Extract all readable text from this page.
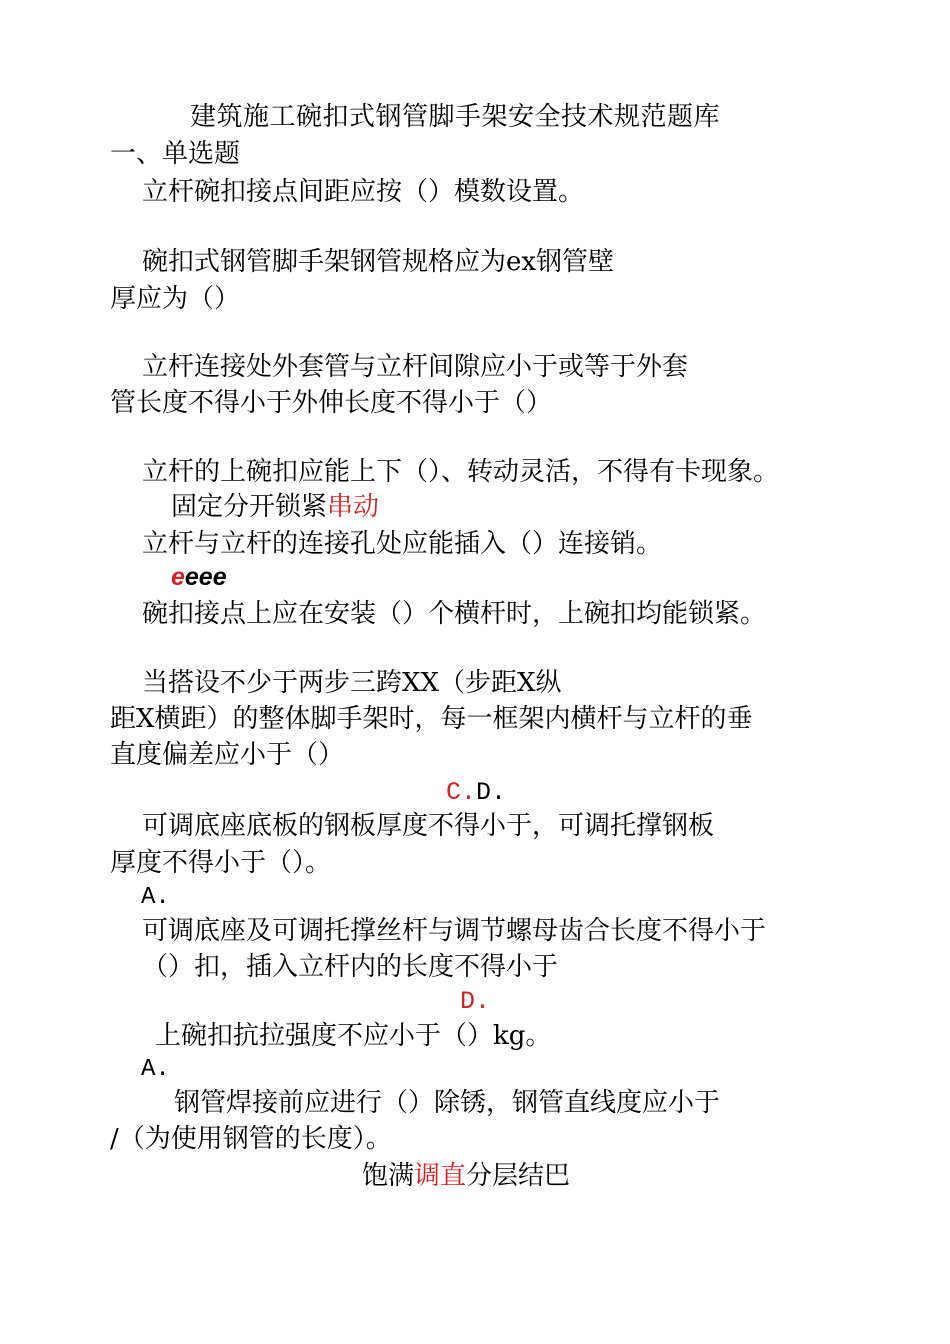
建筑施工碗扣式钢管脚手架安全技术规范题库
一、单选题
立杆碗扣接点间距应按（）模数设置。
碗扣式钢管脚手架钢管规格应为ex钢管壁
厚应为（）
立杆连接处外套管与立杆间隙应小于或等于外套
管长度不得小于外伸长度不得小于（）
立杆的上碗扣应能上下（）、转动灵活，不得有卡现象。
固定分开锁紧串动
立杆与立杆的连接孔处应能插入（）连接销。
eeee
碗扣接点上应在安装（）个横杆时，上碗扣均能锁紧。
当搭设不少于两步三跨XX（步距X纵
距X横距）的整体脚手架时，每一框架内横杆与立杆的垂
直度偏差应小于（）
C.D.
可调底座底板的钢板厚度不得小于，可调托撑钢板
厚度不得小于（）。
A.
可调底座及可调托撑丝杆与调节螺母齿合长度不得小于
（）扣，插入立杆内的长度不得小于
D.
上碗扣抗拉强度不应小于（）kg。
A.
钢管焊接前应进行（）除锈，钢管直线度应小于
/（为使用钢管的长度）。
饱满调直分层结巴
